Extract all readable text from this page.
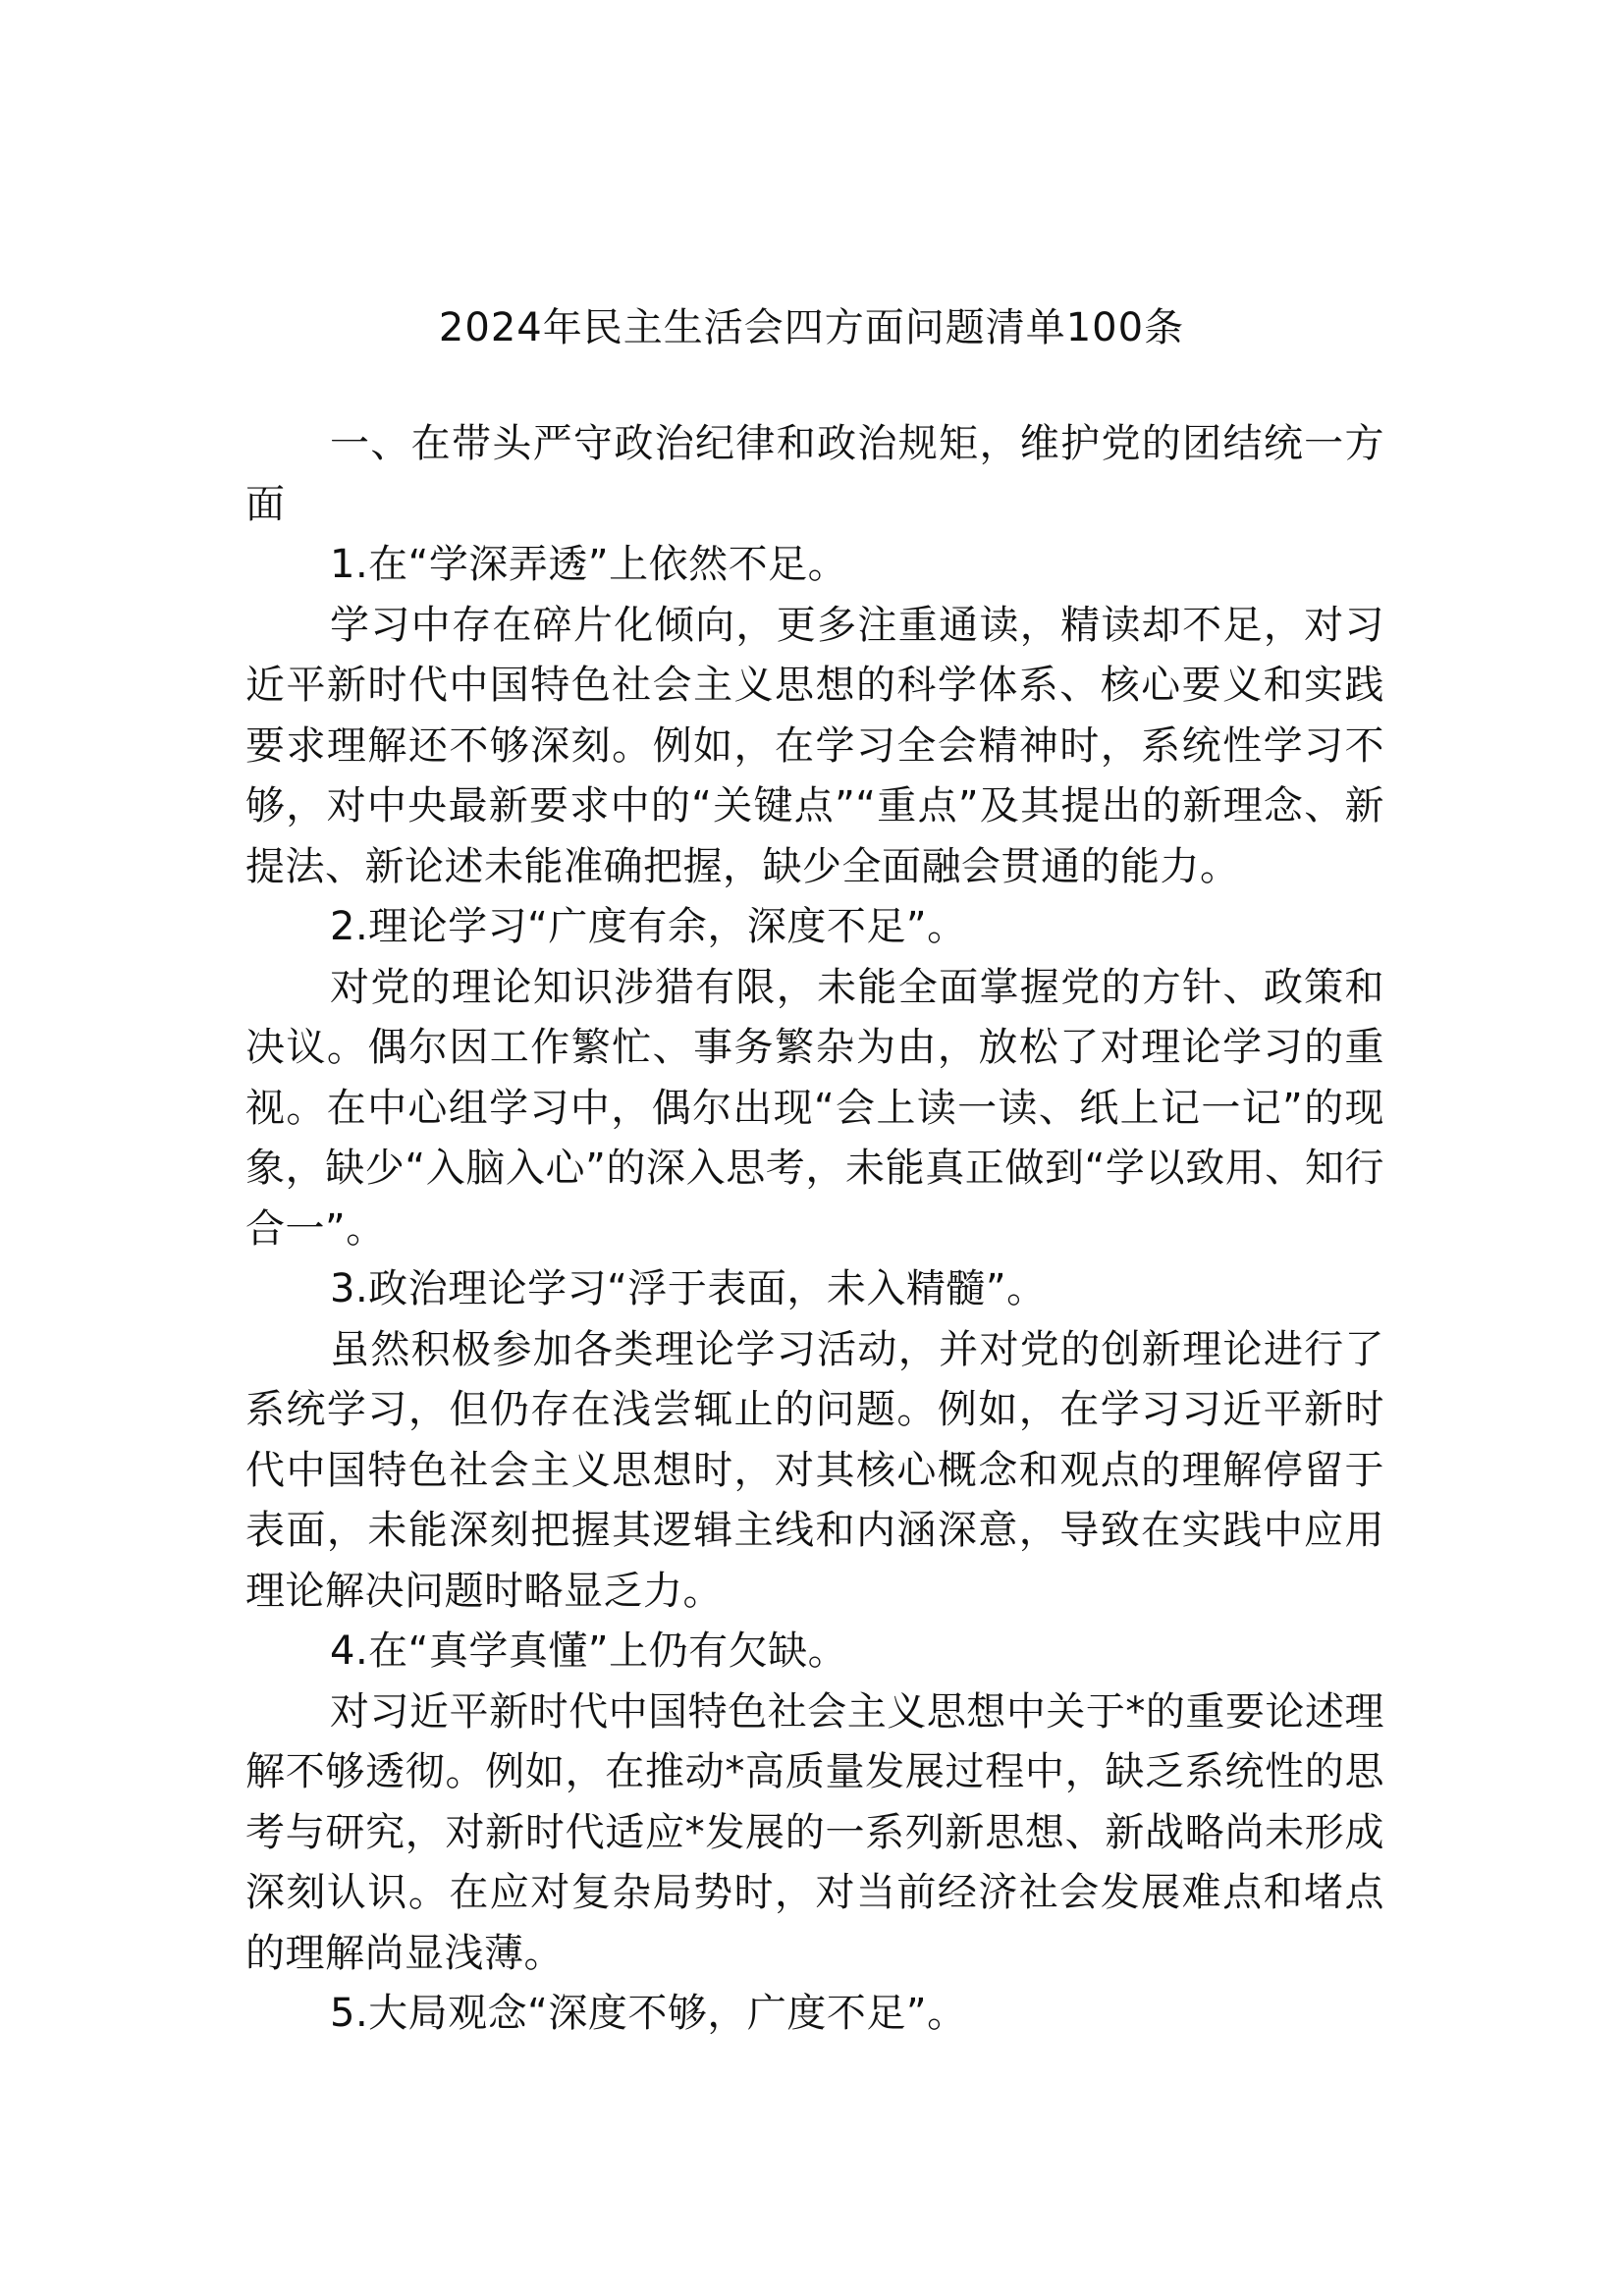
2024年民主生活会四方面问题清单100条

一、在带头严守政治纪律和政治规矩，维护党的团结统一方面

1.在“学深弄透”上依然不足。

学习中存在碎片化倾向，更多注重通读，精读却不足，对习近平新时代中国特色社会主义思想的科学体系、核心要义和实践要求理解还不够深刻。例如，在学习全会精神时，系统性学习不够，对中央最新要求中的“关键点”“重点”及其提出的新理念、新提法、新论述未能准确把握，缺少全面融会贯通的能力。

2.理论学习“广度有余，深度不足”。

对党的理论知识涉猎有限，未能全面掌握党的方针、政策和决议。偶尔因工作繁忙、事务繁杂为由，放松了对理论学习的重视。在中心组学习中，偶尔出现“会上读一读、纸上记一记”的现象，缺少“入脑入心”的深入思考，未能真正做到“学以致用、知行合一”。

3.政治理论学习“浮于表面，未入精髓”。

虽然积极参加各类理论学习活动，并对党的创新理论进行了系统学习，但仍存在浅尝辄止的问题。例如，在学习习近平新时代中国特色社会主义思想时，对其核心概念和观点的理解停留于表面，未能深刻把握其逻辑主线和内涵深意，导致在实践中应用理论解决问题时略显乏力。

4.在“真学真懂”上仍有欠缺。

对习近平新时代中国特色社会主义思想中关于*的重要论述理解不够透彻。例如，在推动*高质量发展过程中，缺乏系统性的思考与研究，对新时代适应*发展的一系列新思想、新战略尚未形成深刻认识。在应对复杂局势时，对当前经济社会发展难点和堵点的理解尚显浅薄。

5.大局观念“深度不够，广度不足”。
